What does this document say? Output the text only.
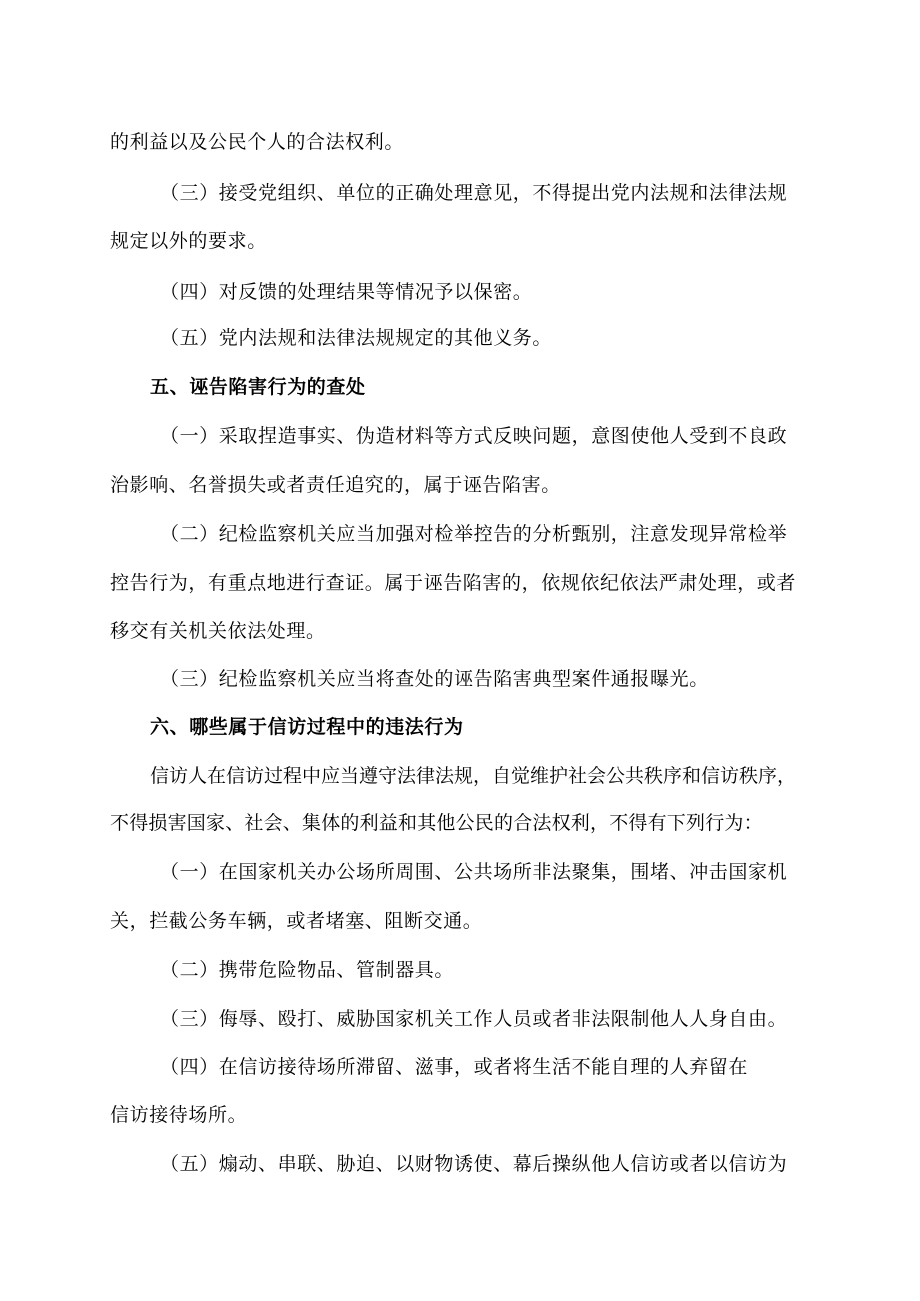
的利益以及公民个人的合法权利。
（三）接受党组织、单位的正确处理意见，不得提出党内法规和法律法规
规定以外的要求。
（四）对反馈的处理结果等情况予以保密。
（五）党内法规和法律法规规定的其他义务。
五、诬告陷害行为的查处
（一）采取捏造事实、伪造材料等方式反映问题，意图使他人受到不良政
治影响、名誉损失或者责任追究的，属于诬告陷害。
（二）纪检监察机关应当加强对检举控告的分析甄别，注意发现异常检举
控告行为，有重点地进行查证。属于诬告陷害的，依规依纪依法严肃处理，或者
移交有关机关依法处理。
（三）纪检监察机关应当将查处的诬告陷害典型案件通报曝光。
六、哪些属于信访过程中的违法行为
信访人在信访过程中应当遵守法律法规，自觉维护社会公共秩序和信访秩序，
不得损害国家、社会、集体的利益和其他公民的合法权利，不得有下列行为：
（一）在国家机关办公场所周围、公共场所非法聚集，围堵、冲击国家机
关，拦截公务车辆，或者堵塞、阻断交通。
（二）携带危险物品、管制器具。
（三）侮辱、殴打、威胁国家机关工作人员或者非法限制他人人身自由。
（四）在信访接待场所滞留、滋事，或者将生活不能自理的人弃留在
信访接待场所。
（五）煽动、串联、胁迫、以财物诱使、幕后操纵他人信访或者以信访为
